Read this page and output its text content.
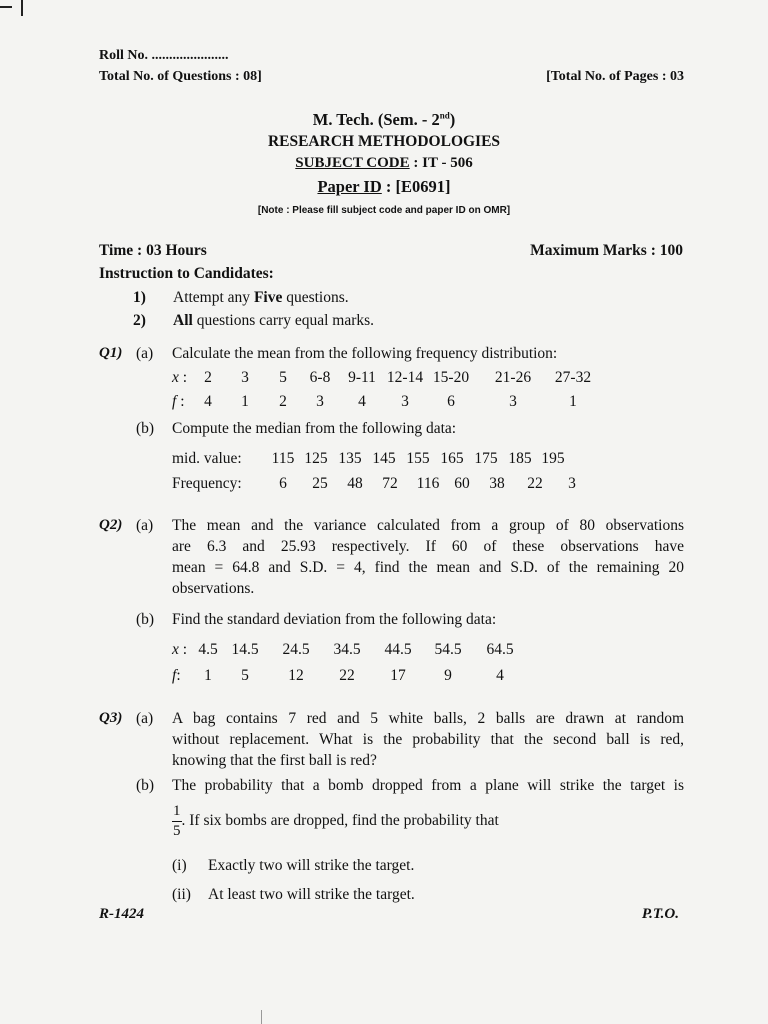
Roll No. ......................
Total No. of Questions : 08]	[Total No. of Pages : 03
M. Tech. (Sem. - 2nd)
RESEARCH METHODOLOGIES
SUBJECT CODE : IT - 506
Paper ID : [E0691]
[Note : Please fill subject code and paper ID on OMR]
Time : 03 Hours	Maximum Marks : 100
Instruction to Candidates:
1) Attempt any Five questions.
2) All questions carry equal marks.
Q1) (a) Calculate the mean from the following frequency distribution:
x :	2	3	5	6-8	9-11 12-14 15-20	21-26	27-32
f :	4	1	2	3	4	3	6	3	1
(b) Compute the median from the following data:
mid. value:	115 125 135 145 155 165 175 185 195
Frequency:	6	25	48	72	116 60	38	22	3
Q2) (a) The mean and the variance calculated from a group of 80 observations
are 6.3 and 25.93 respectively. If 60 of these observations have
mean = 64.8 and S.D. = 4, find the mean and S.D. of the remaining 20
observations.
(b) Find the standard deviation from the following data:
x : 4.5 14.5	24.5	34.5	44.5	54.5	64.5
f:	1	5	12	22	17	9	4
Q3) (a) A bag contains 7 red and 5 white balls, 2 balls are drawn at random
without replacement. What is the probability that the second ball is red,
knowing that the first ball is red?
(b) The probability that a bomb dropped from a plane will strike the target is
$\frac{1}{5}$ . If six bombs are dropped, find the probability that
(i) Exactly two will strike the target.
(ii) At least two will strike the target.
R-1424	P.T.O.
